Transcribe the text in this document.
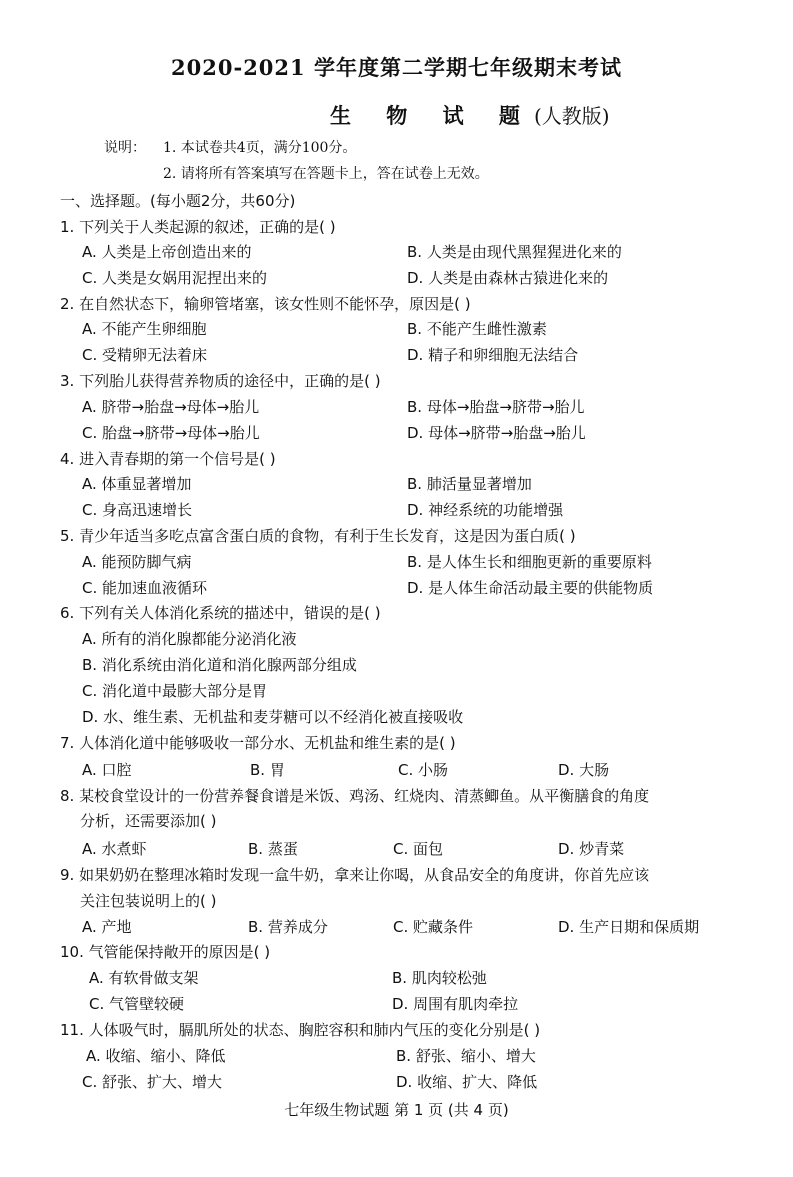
2020-2021 学年度第二学期七年级期末考试
生 物 试 题(人教版)
说明： 1. 本试卷共4页，满分100分。
2. 请将所有答案填写在答题卡上，答在试卷上无效。
一、选择题。(每小题2分，共60分)
1. 下列关于人类起源的叙述，正确的是( )
A. 人类是上帝创造出来的	B. 人类是由现代黑猩猩进化来的
C. 人类是女娲用泥捏出来的	D. 人类是由森林古猿进化来的
2. 在自然状态下，输卵管堵塞，该女性则不能怀孕，原因是( )
A. 不能产生卵细胞	B. 不能产生雌性激素
C. 受精卵无法着床	D. 精子和卵细胞无法结合
3. 下列胎儿获得营养物质的途径中，正确的是( )
A. 脐带→胎盘→母体→胎儿	B. 母体→胎盘→脐带→胎儿
C. 胎盘→脐带→母体→胎儿	D. 母体→脐带→胎盘→胎儿
4. 进入青春期的第一个信号是( )
A. 体重显著增加	B. 肺活量显著增加
C. 身高迅速增长	D. 神经系统的功能增强
5. 青少年适当多吃点富含蛋白质的食物，有利于生长发育，这是因为蛋白质( )
A. 能预防脚气病	B. 是人体生长和细胞更新的重要原料
C. 能加速血液循环	D. 是人体生命活动最主要的供能物质
6. 下列有关人体消化系统的描述中，错误的是( )
A. 所有的消化腺都能分泌消化液
B. 消化系统由消化道和消化腺两部分组成
C. 消化道中最膨大部分是胃
D. 水、维生素、无机盐和麦芽糖可以不经消化被直接吸收
7. 人体消化道中能够吸收一部分水、无机盐和维生素的是( )
A. 口腔	B. 胃	C. 小肠	D. 大肠
8. 某校食堂设计的一份营养餐食谱是米饭、鸡汤、红烧肉、清蒸鲫鱼。从平衡膳食的角度
分析，还需要添加( )
A. 水煮虾	B. 蒸蛋	C. 面包	D. 炒青菜
9. 如果奶奶在整理冰箱时发现一盒牛奶，拿来让你喝，从食品安全的角度讲，你首先应该
关注包装说明上的( )
A. 产地	B. 营养成分	C. 贮藏条件	D. 生产日期和保质期
10. 气管能保持敞开的原因是( )
A. 有软骨做支架	B. 肌肉较松弛
C. 气管壁较硬	D. 周围有肌肉牵拉
11. 人体吸气时，膈肌所处的状态、胸腔容积和肺内气压的变化分别是( )
A. 收缩、缩小、降低	B. 舒张、缩小、增大
C. 舒张、扩大、增大	D. 收缩、扩大、降低
七年级生物试题 第 1 页 (共 4 页)
